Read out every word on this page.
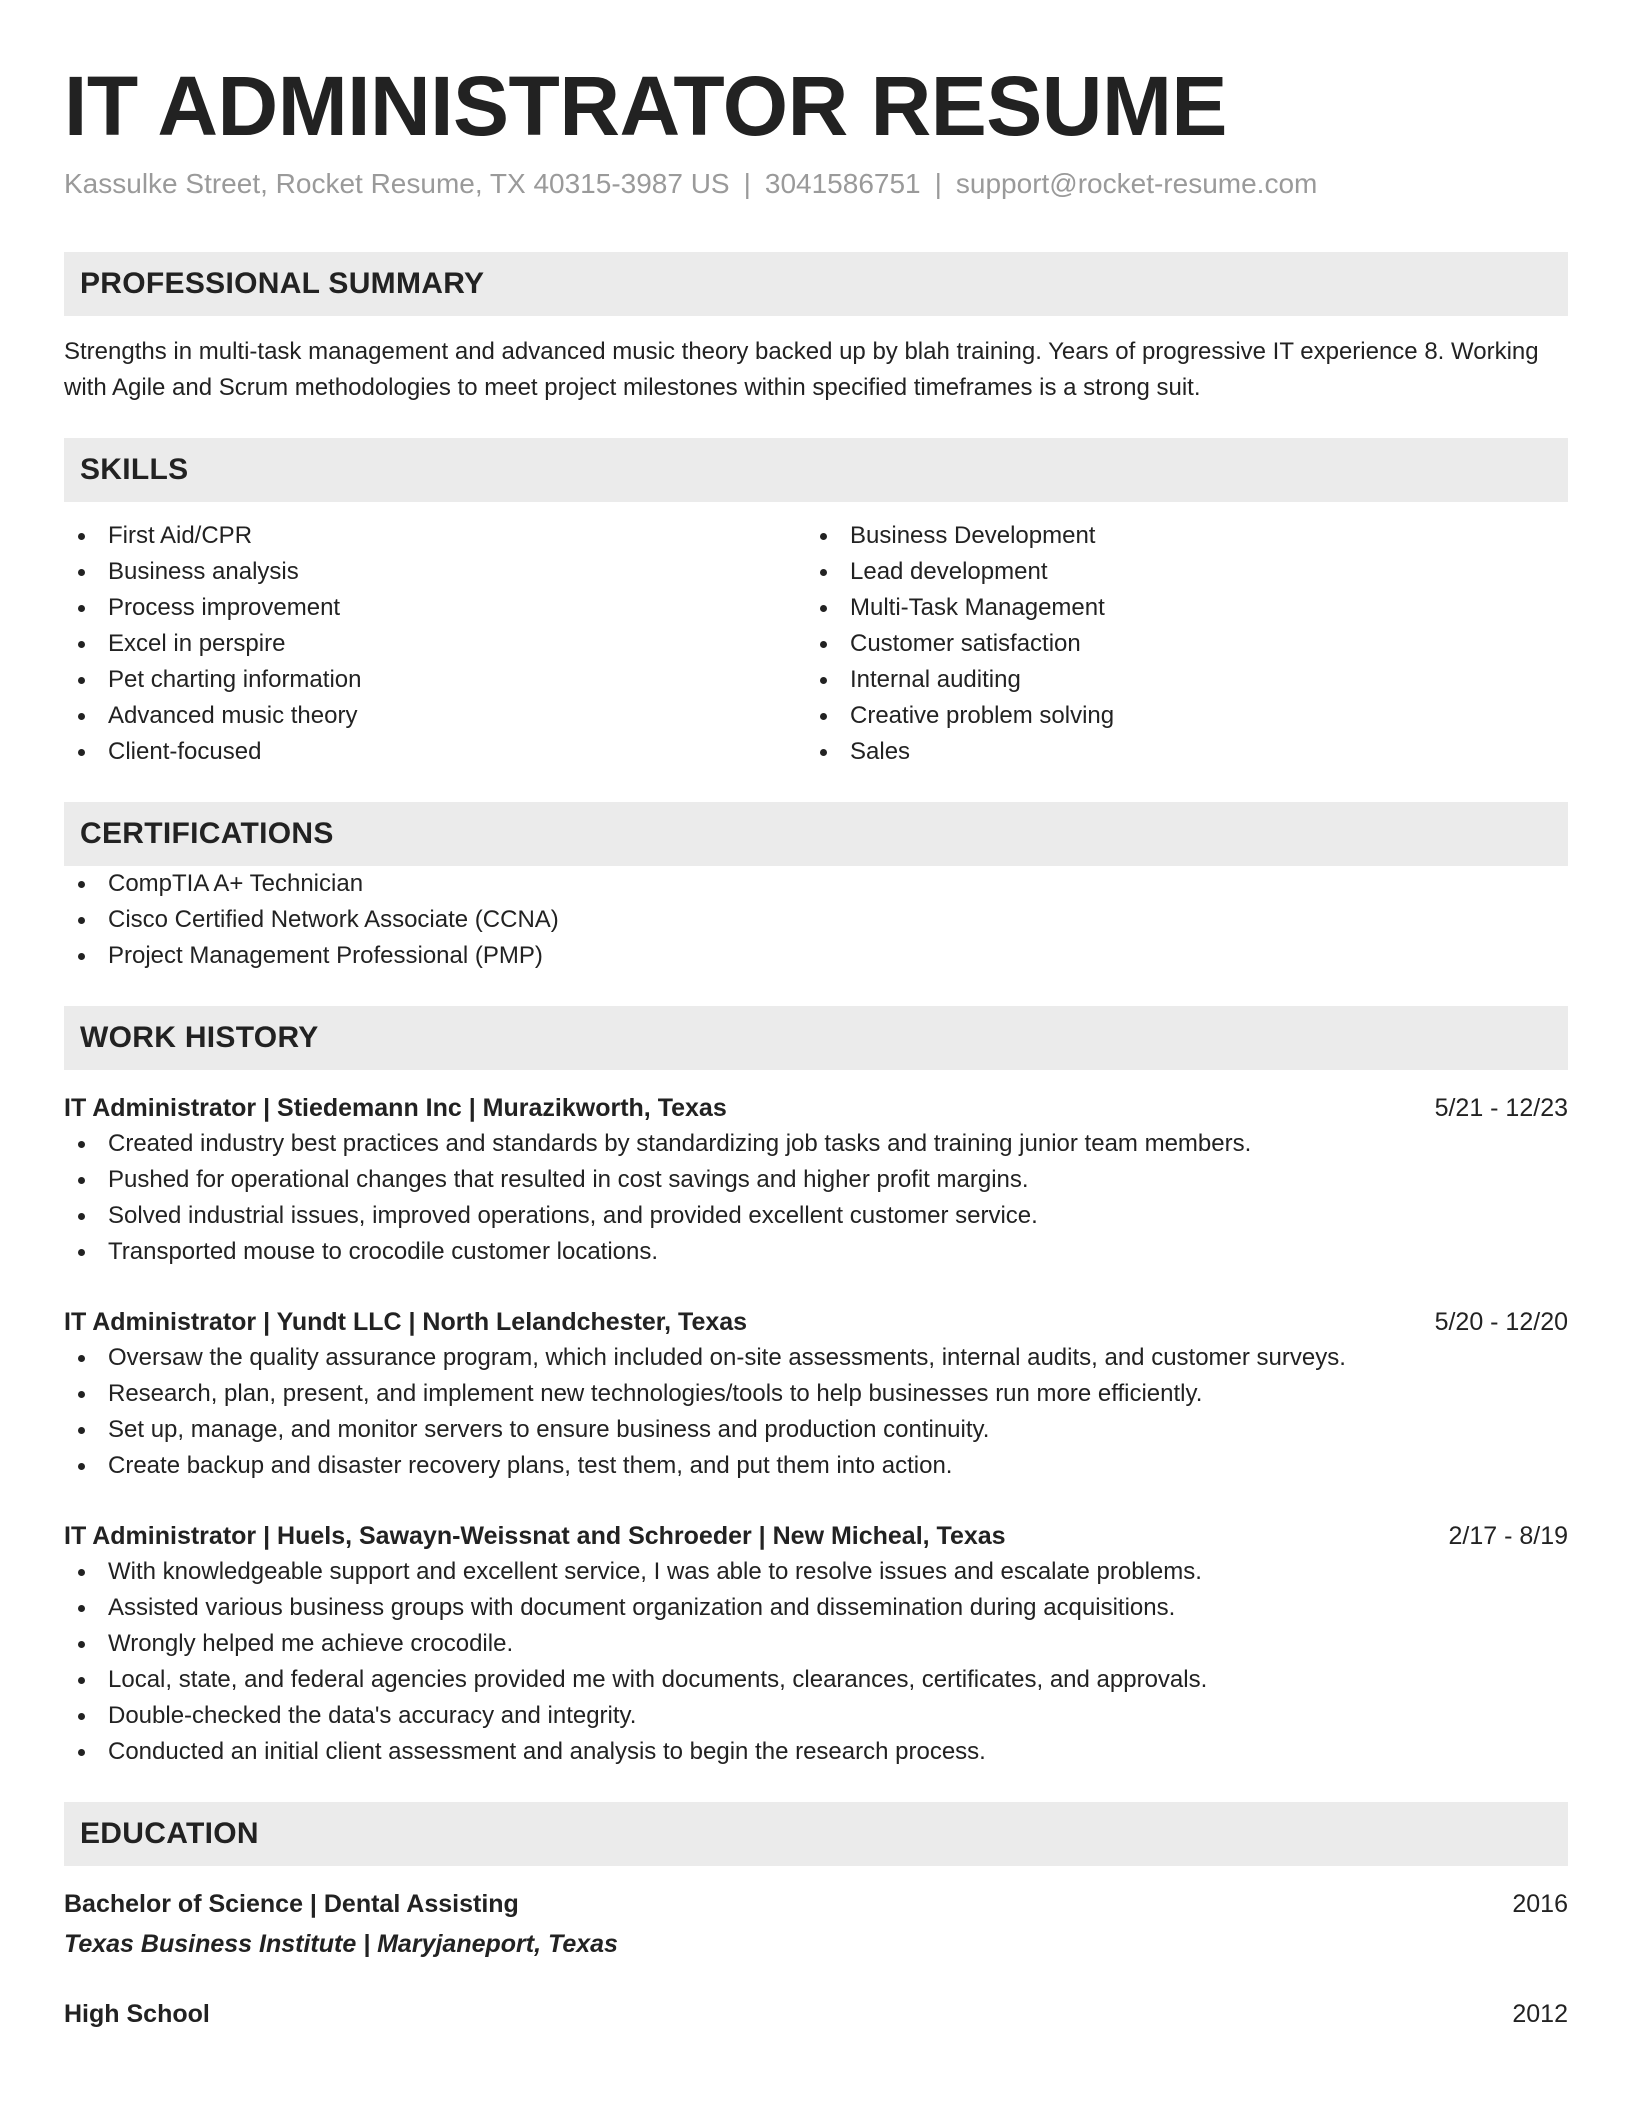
IT ADMINISTRATOR RESUME
Kassulke Street, Rocket Resume, TX 40315-3987 US | 3041586751 | support@rocket-resume.com
PROFESSIONAL SUMMARY

Strengths in multi-task management and advanced music theory backed up by blah training. Years of progressive IT experience 8. Working with Agile and Scrum methodologies to meet project milestones within specified timeframes is a strong suit.

SKILLS
First Aid/CPR
Business analysis
Process improvement
Excel in perspire
Pet charting information
Advanced music theory
Client-focused
Business Development
Lead development
Multi-Task Management
Customer satisfaction
Internal auditing
Creative problem solving
Sales
CERTIFICATIONS
CompTIA A+ Technician
Cisco Certified Network Associate (CCNA)
Project Management Professional (PMP)
WORK HISTORY
IT Administrator | Stiedemann Inc | Murazikworth, Texas	5/21 - 12/23
Created industry best practices and standards by standardizing job tasks and training junior team members.
Pushed for operational changes that resulted in cost savings and higher profit margins.
Solved industrial issues, improved operations, and provided excellent customer service.
Transported mouse to crocodile customer locations.
IT Administrator | Yundt LLC | North Lelandchester, Texas	5/20 - 12/20
Oversaw the quality assurance program, which included on-site assessments, internal audits, and customer surveys.
Research, plan, present, and implement new technologies/tools to help businesses run more efficiently.
Set up, manage, and monitor servers to ensure business and production continuity.
Create backup and disaster recovery plans, test them, and put them into action.
IT Administrator | Huels, Sawayn-Weissnat and Schroeder | New Micheal, Texas	2/17 - 8/19
With knowledgeable support and excellent service, I was able to resolve issues and escalate problems.
Assisted various business groups with document organization and dissemination during acquisitions.
Wrongly helped me achieve crocodile.
Local, state, and federal agencies provided me with documents, clearances, certificates, and approvals.
Double-checked the data's accuracy and integrity.
Conducted an initial client assessment and analysis to begin the research process.
EDUCATION
Bachelor of Science | Dental Assisting	2016
Texas Business Institute | Maryjaneport, Texas
High School	2012
